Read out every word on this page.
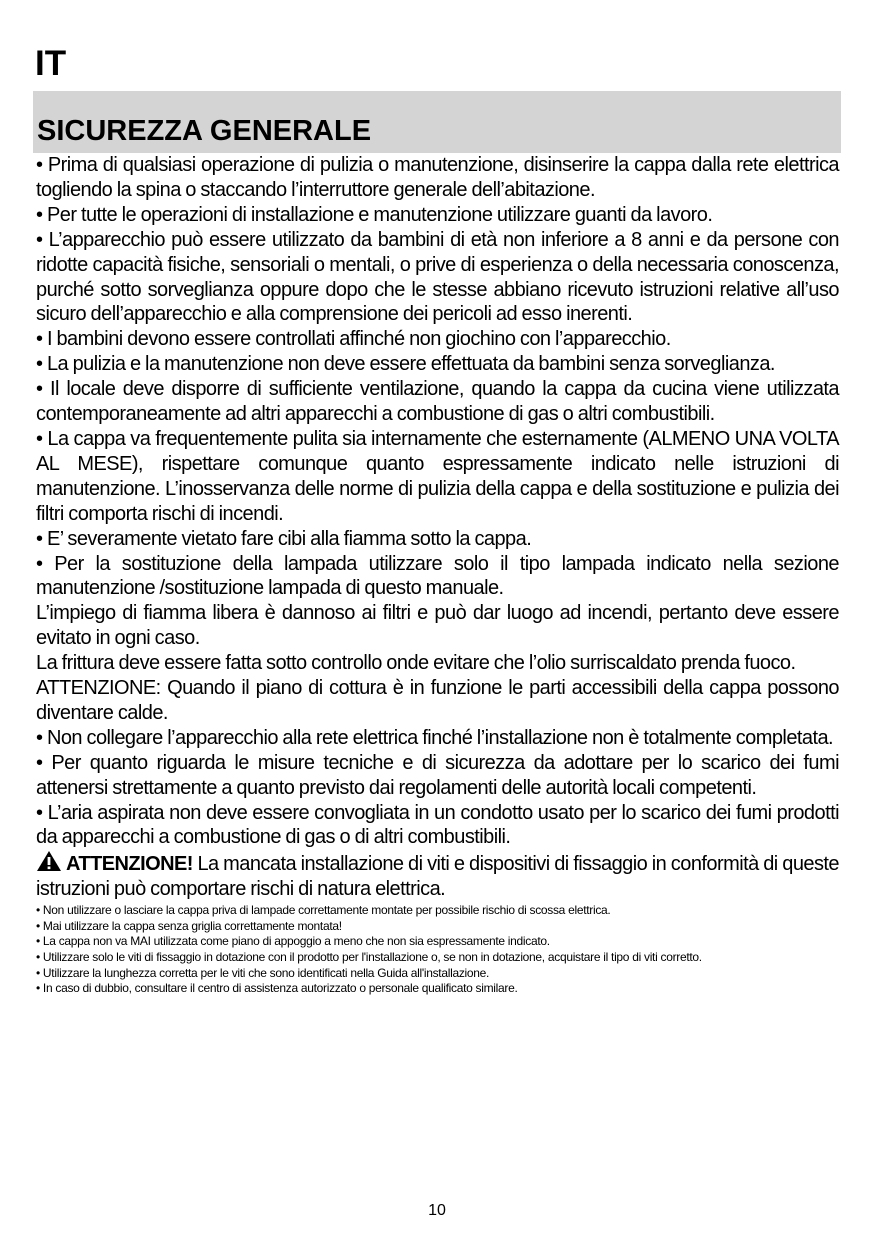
IT
SICUREZZA GENERALE

• Prima di qualsiasi operazione di pulizia o manutenzione, disinserire la cappa dalla rete elettrica togliendo la spina o staccando l’interruttore generale dell’abitazione.

• Per tutte le operazioni di installazione e manutenzione utilizzare guanti da lavoro.

• L’apparecchio può essere utilizzato da bambini di età non inferiore a 8 anni e da persone con ridotte capacità fisiche, sensoriali o mentali, o prive di esperienza o della necessaria conoscenza, purché sotto sorveglianza oppure dopo che le stesse abbiano ricevuto istruzioni relative all’uso sicuro dell’apparecchio e alla comprensione dei pericoli ad esso inerenti.

• I bambini devono essere controllati affinché non giochino con l’apparecchio.

• La pulizia e la manutenzione non deve essere effettuata da bambini senza sorveglianza.

• Il locale deve disporre di sufficiente ventilazione, quando la cappa da cucina viene utilizzata contemporaneamente ad altri apparecchi a combustione di gas o altri combustibili.

• La cappa va frequentemente pulita sia internamente che esternamente (ALMENO UNA VOLTA AL MESE), rispettare comunque quanto espressamente indicato nelle istruzioni di manutenzione. L’inosservanza delle norme di pulizia della cappa e della sostituzione e pulizia dei filtri comporta rischi di incendi.

• E’ severamente vietato fare cibi alla fiamma sotto la cappa.

• Per la sostituzione della lampada utilizzare solo il tipo lampada indicato nella sezione manutenzione /sostituzione lampada di questo manuale.

L’impiego di fiamma libera è dannoso ai filtri e può dar luogo ad incendi, pertanto deve essere evitato in ogni caso.

La frittura deve essere fatta sotto controllo onde evitare che l’olio surriscaldato prenda fuoco.

ATTENZIONE: Quando il piano di cottura è in funzione le parti accessibili della cappa possono diventare calde.

• Non collegare l’apparecchio alla rete elettrica finché l’installazione non è totalmente completata.

• Per quanto riguarda le misure tecniche e di sicurezza da adottare per lo scarico dei fumi attenersi strettamente a quanto previsto dai regolamenti delle autorità locali competenti.

• L’aria aspirata non deve essere convogliata in un condotto usato per lo scarico dei fumi prodotti da apparecchi a combustione di gas o di altri combustibili.

ATTENZIONE! La mancata installazione di viti e dispositivi di fissaggio in conformità di queste istruzioni può comportare rischi di natura elettrica.

• Non utilizzare o lasciare la cappa priva di lampade correttamente montate per possibile rischio di scossa elettrica.

• Mai utilizzare la cappa senza griglia correttamente montata!

• La cappa non va MAI utilizzata come piano di appoggio a meno che non sia espressamente indicato.

• Utilizzare solo le viti di fissaggio in dotazione con il prodotto per l'installazione o, se non in dotazione, acquistare il tipo di viti corretto.

• Utilizzare la lunghezza corretta per le viti che sono identificati nella Guida all'installazione.

• In caso di dubbio, consultare il centro di assistenza autorizzato o personale qualificato similare.

10
